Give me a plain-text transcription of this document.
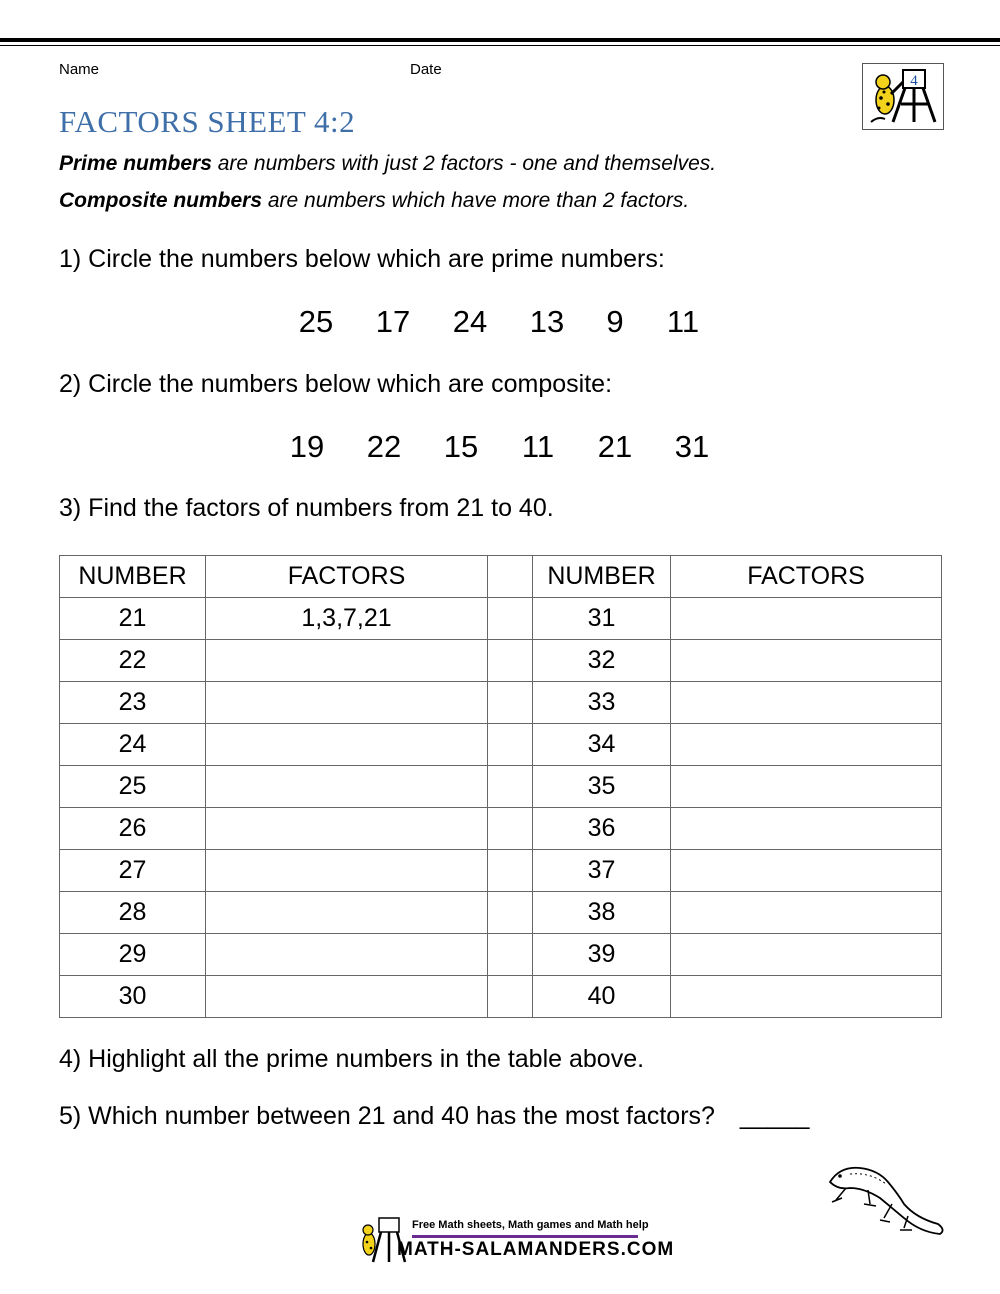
Name	Date
4
FACTORS SHEET 4:2
Prime numbers are numbers with just 2 factors - one and themselves.
Composite numbers are numbers which have more than 2 factors.
1) Circle the numbers below which are prime numbers:
25	17	24	13	9	11
2) Circle the numbers below which are composite:
19	22	15	11	21	31
3) Find the factors of numbers from 21 to 40.
NUMBER	FACTORS		NUMBER	FACTORS
21	1,3,7,21		31	
22			32	
23			33	
24			34	
25			35	
26			36	
27			37	
28			38	
29			39	
30			40	
4) Highlight all the prime numbers in the table above.
5) Which number between 21 and 40 has the most factors? _____
Free Math sheets, Math games and Math help
MATH-SALAMANDERS.COM
